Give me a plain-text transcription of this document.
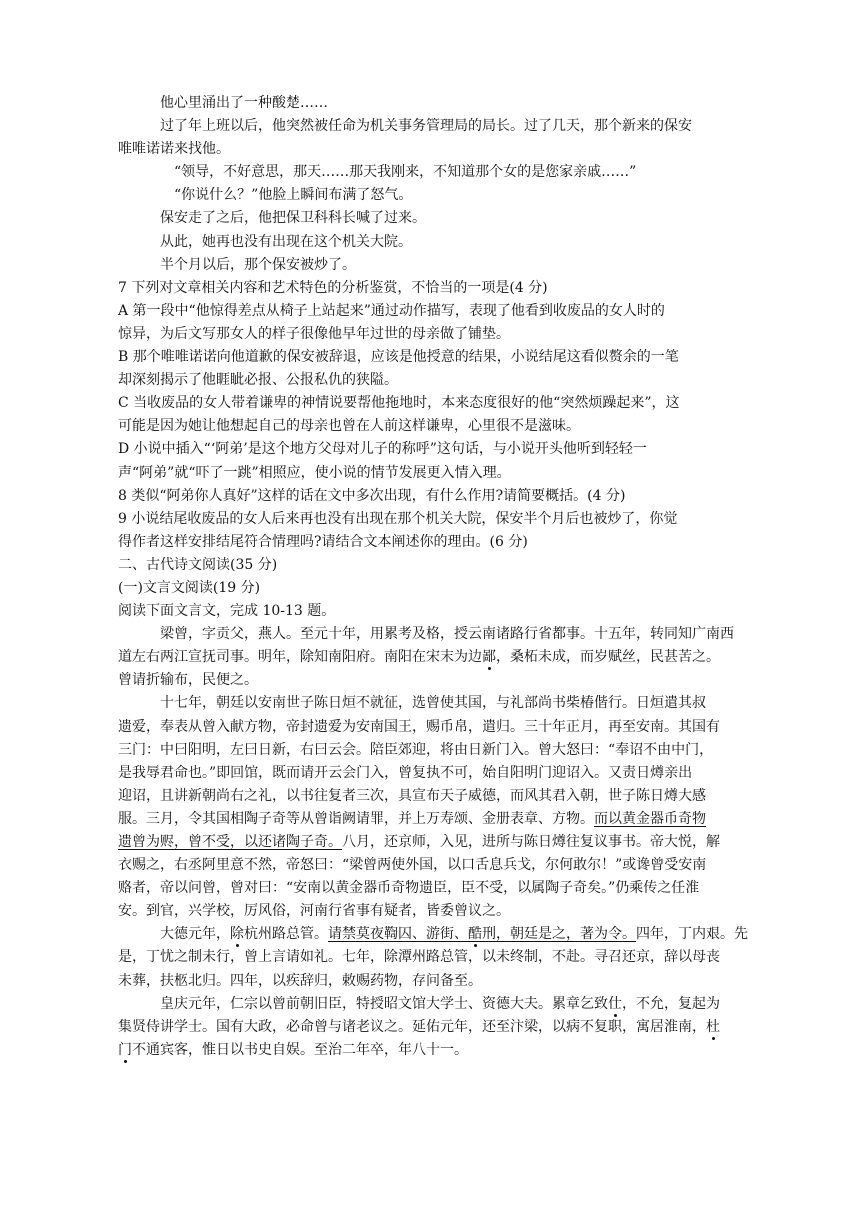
他心里涌出了一种酸楚……
过了年上班以后，他突然被任命为机关事务管理局的局长。过了几天，那个新来的保安
唯唯诺诺来找他。
“领导，不好意思，那天……那天我刚来，不知道那个女的是您家亲戚……”
“你说什么？”他脸上瞬间布满了怒气。
保安走了之后，他把保卫科科长喊了过来。
从此，她再也没有出现在这个机关大院。
半个月以后，那个保安被炒了。
7 下列对文章相关内容和艺术特色的分析鉴赏，不恰当的一项是(4 分)
A 第一段中“他惊得差点从椅子上站起来”通过动作描写，表现了他看到收废品的女人时的
惊异，为后文写那女人的样子很像他早年过世的母亲做了铺垫。
B 那个唯唯诺诺向他道歉的保安被辞退，应该是他授意的结果，小说结尾这看似赘余的一笔
却深刻揭示了他睚眦必报、公报私仇的狭隘。
C 当收废品的女人带着谦卑的神情说要帮他拖地时，本来态度很好的他“突然烦躁起来”，这
可能是因为她让他想起自己的母亲也曾在人前这样谦卑，心里很不是滋味。
D 小说中插入“‘阿弟’是这个地方父母对儿子的称呼”这句话，与小说开头他听到轻轻一
声“阿弟”就“吓了一跳”相照应，使小说的情节发展更入情入理。
8 类似“阿弟你人真好”这样的话在文中多次出现，有什么作用?请简要概括。(4 分)
9 小说结尾收废品的女人后来再也没有出现在那个机关大院，保安半个月后也被炒了，你觉
得作者这样安排结尾符合情理吗?请结合文本阐述你的理由。(6 分)
二、古代诗文阅读(35 分)
(一)文言文阅读(19 分)
阅读下面文言文，完成 10-13 题。
梁曾，字贡父，燕人。至元十年，用累考及格，授云南诸路行省都事。十五年，转同知广南西
道左右两江宣抚司事。明年，除知南阳府。南阳在宋末为边鄙，桑柘未成，而岁赋丝，民甚苦之。
曾请折输布，民便之。
十七年，朝廷以安南世子陈日烜不就征，选曾使其国，与礼部尚书柴椿偕行。日烜遣其叔
遗爱，奉表从曾入献方物，帝封遗爱为安南国王，赐币帛，遣归。三十年正月，再至安南。其国有
三门：中曰阳明，左曰日新，右曰云会。陪臣郊迎，将由日新门入。曾大怒曰：“奉诏不由中门，
是我辱君命也。”即回馆，既而请开云会门入，曾复执不可，始自阳明门迎诏入。又责日燇亲出
迎诏，且讲新朝尚右之礼，以书往复者三次，具宣布天子威德，而风其君入朝，世子陈日燇大感
服。三月，令其国相陶子奇等从曾诣阙请罪，并上万寿颂、金册表章、方物。而以黄金器币奇物
遗曾为赆，曾不受，以还诸陶子奇。八月，还京师，入见，进所与陈日燇往复议事书。帝大悦，解
衣赐之，右丞阿里意不然，帝怒曰：“梁曾两使外国，以口舌息兵戈，尔何敢尔！”或谗曾受安南
赂者，帝以问曾，曾对曰：“安南以黄金器币奇物遗臣，臣不受，以属陶子奇矣。”仍乘传之任淮
安。到官，兴学校，厉风俗，河南行省事有疑者，皆委曾议之。
大德元年，除杭州路总管。请禁莫夜鞫囚、游街、酷刑，朝廷是之，著为令。四年，丁内艰。先
是，丁忧之制未行，曾上言请如礼。七年，除潭州路总管，以未终制，不赴。寻召还京，辞以母丧
未葬，扶柩北归。四年，以疾辞归，敕赐药物，存问备至。
皇庆元年，仁宗以曾前朝旧臣，特授昭文馆大学士、资德大夫。累章乞致仕，不允，复起为
集贤侍讲学士。国有大政，必命曾与诸老议之。延佑元年，还至汴梁，以病不复职，寓居淮南，杜
门不通宾客，惟日以书史自娱。至治二年卒，年八十一。
